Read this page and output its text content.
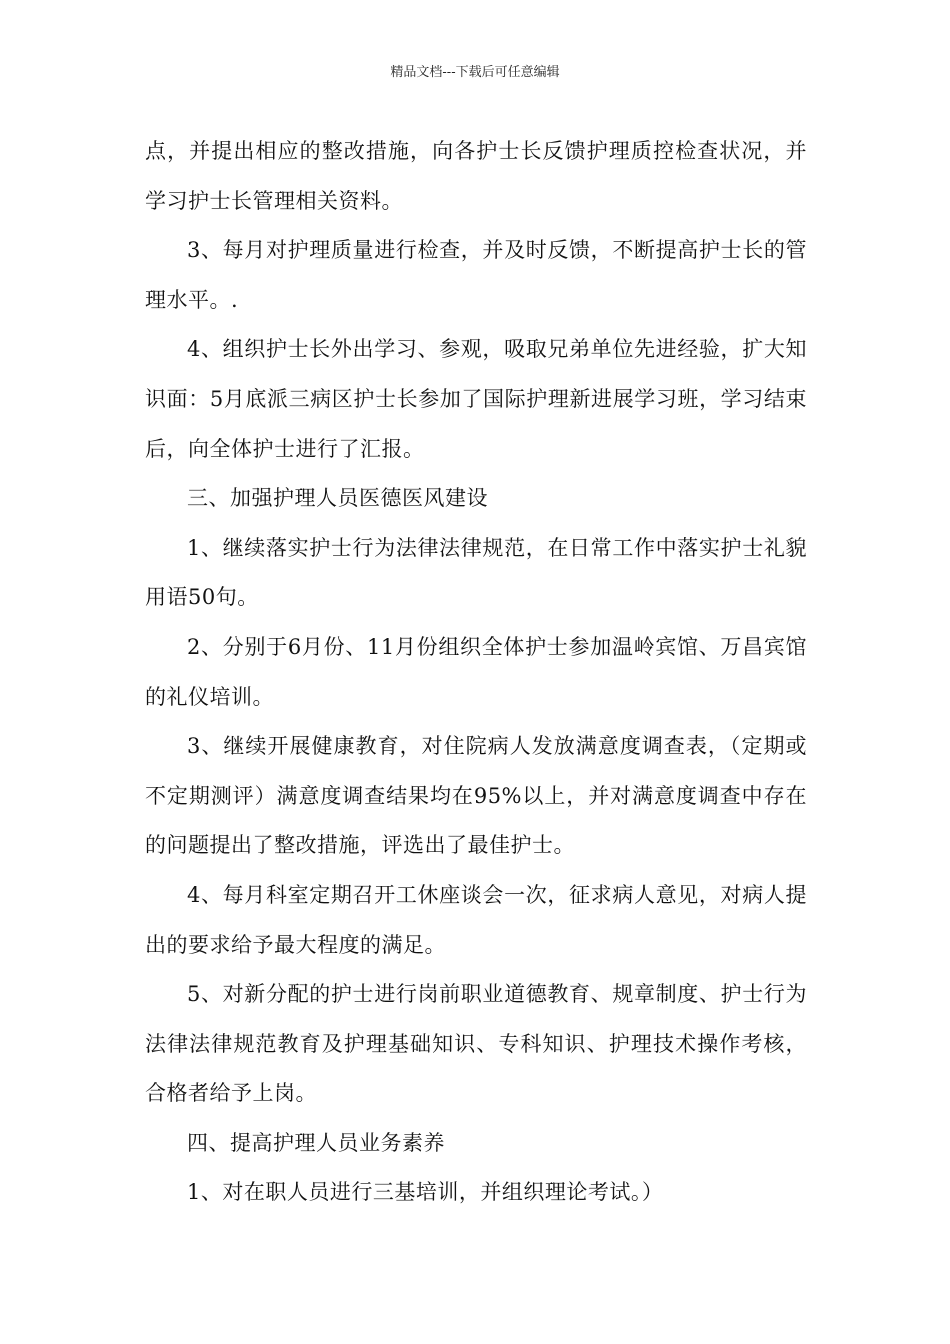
精品文档---下载后可任意编辑

点，并提出相应的整改措施，向各护士长反馈护理质控检查状况，并学习护士长管理相关资料。

3、每月对护理质量进行检查，并及时反馈，不断提高护士长的管理水平。.

4、组织护士长外出学习、参观，吸取兄弟单位先进经验，扩大知识面：5月底派三病区护士长参加了国际护理新进展学习班，学习结束后，向全体护士进行了汇报。

三、加强护理人员医德医风建设

1、继续落实护士行为法律法律规范，在日常工作中落实护士礼貌用语50句。

2、分别于6月份、11月份组织全体护士参加温岭宾馆、万昌宾馆的礼仪培训。

3、继续开展健康教育，对住院病人发放满意度调查表，（定期或不定期测评）满意度调查结果均在95%以上，并对满意度调查中存在的问题提出了整改措施，评选出了最佳护士。

4、每月科室定期召开工休座谈会一次，征求病人意见，对病人提出的要求给予最大程度的满足。

5、对新分配的护士进行岗前职业道德教育、规章制度、护士行为法律法律规范教育及护理基础知识、专科知识、护理技术操作考核，合格者给予上岗。

四、提高护理人员业务素养

1、对在职人员进行三基培训，并组织理论考试。）
